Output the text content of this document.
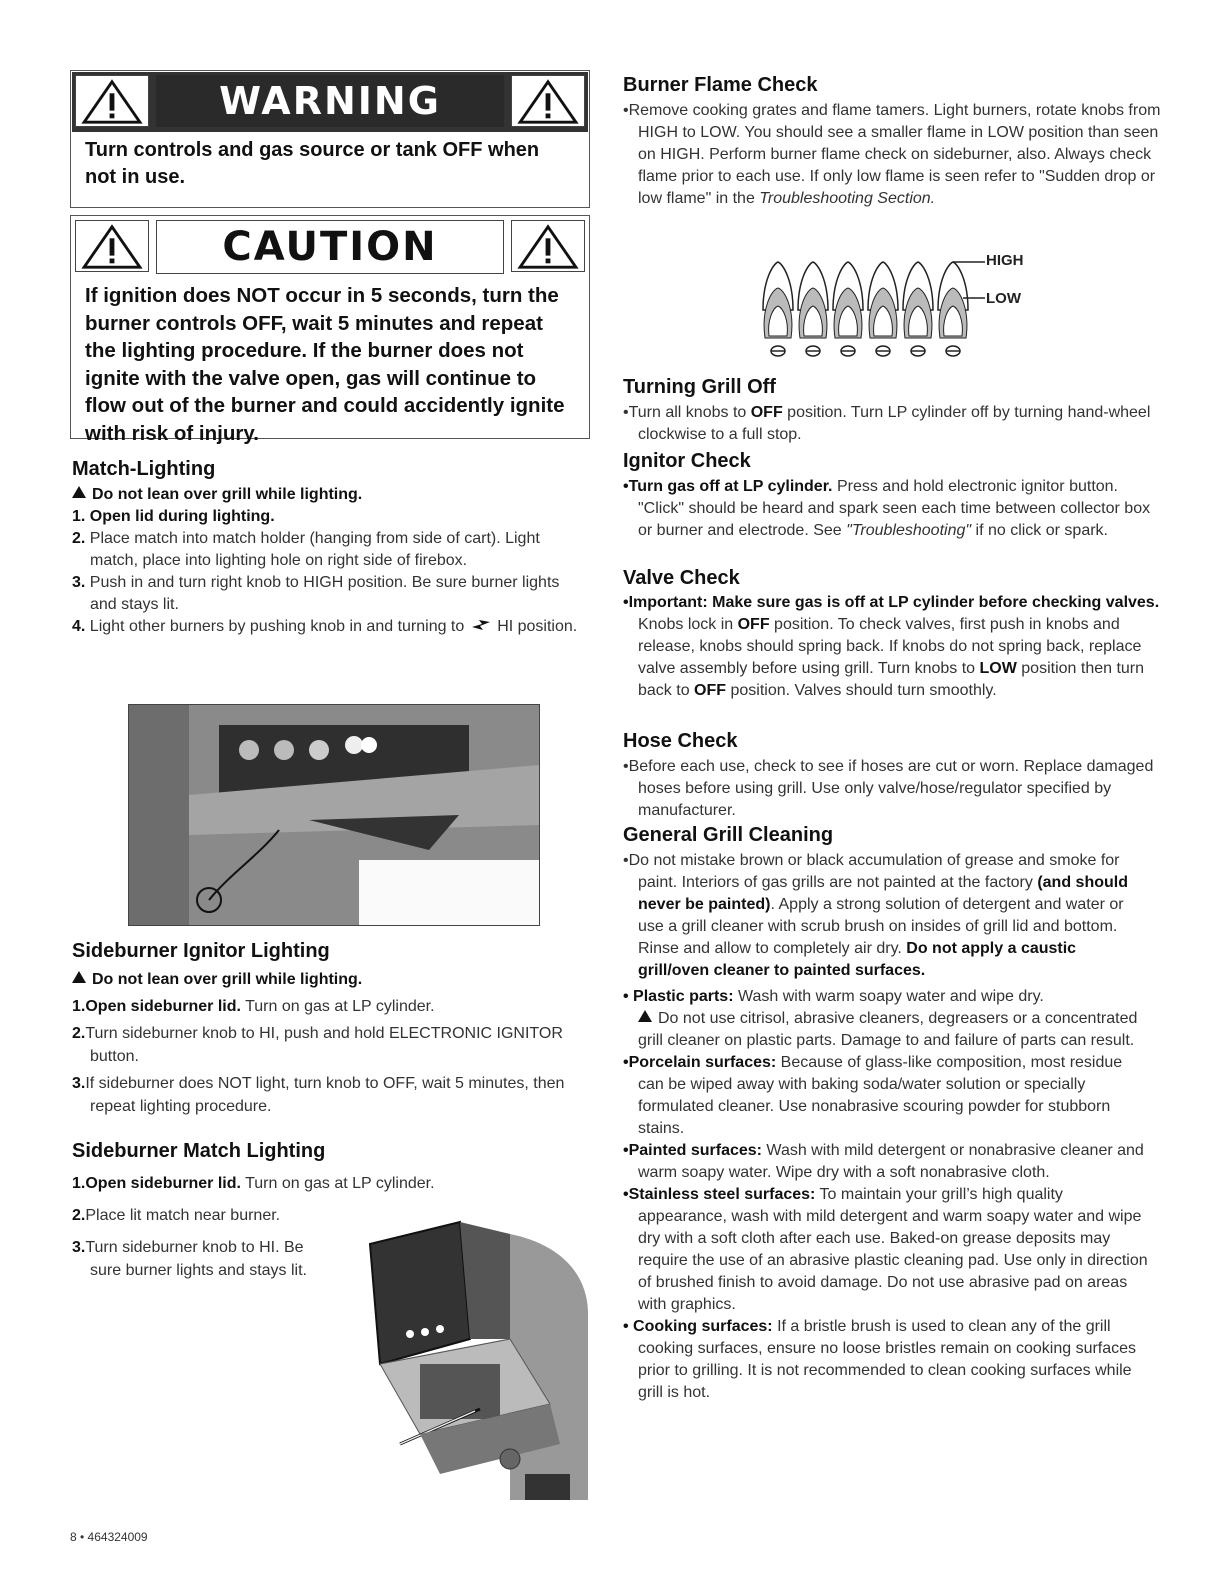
WARNING
Turn controls and gas source or tank OFF when not in use.
CAUTION
If ignition does NOT occur in 5 seconds, turn the burner controls OFF, wait 5 minutes and repeat the lighting procedure. If the burner does not ignite with the valve open, gas will continue to flow out of the burner and could accidently ignite with risk of injury.
Match-Lighting
Do not lean over grill while lighting.
1. Open lid during lighting.
2. Place match into match holder (hanging from side of cart). Light match, place into lighting hole on right side of firebox.
3. Push in and turn right knob to HIGH position. Be sure burner lights and stays lit.
4. Light other burners by pushing knob in and turning to HI position.
Sideburner Ignitor Lighting
Do not lean over grill while lighting.
1.Open sideburner lid. Turn on gas at LP cylinder.
2.Turn sideburner knob to HI, push and hold ELECTRONIC IGNITOR button.
3.If sideburner does NOT light, turn knob to OFF, wait 5 minutes, then repeat lighting procedure.
Sideburner Match Lighting
1.Open sideburner lid. Turn on gas at LP cylinder.
2.Place lit match near burner.
3.Turn sideburner knob to HI. Be sure burner lights and stays lit.
Burner Flame Check
•Remove cooking grates and flame tamers. Light burners, rotate knobs from HIGH to LOW. You should see a smaller flame in LOW position than seen on HIGH. Perform burner flame check on sideburner, also. Always check flame prior to each use. If only low flame is seen refer to "Sudden drop or low flame" in the Troubleshooting Section.
HIGH
LOW
Turning Grill Off
•Turn all knobs to OFF position. Turn LP cylinder off by turning hand-wheel clockwise to a full stop.
Ignitor Check
•Turn gas off at LP cylinder. Press and hold electronic ignitor button. "Click" should be heard and spark seen each time between collector box or burner and electrode. See "Troubleshooting" if no click or spark.
Valve Check
•Important: Make sure gas is off at LP cylinder before checking valves. Knobs lock in OFF position. To check valves, first push in knobs and release, knobs should spring back. If knobs do not spring back, replace valve assembly before using grill. Turn knobs to LOW position then turn back to OFF position. Valves should turn smoothly.
Hose Check
•Before each use, check to see if hoses are cut or worn. Replace damaged hoses before using grill. Use only valve/hose/regulator specified by manufacturer.
General Grill Cleaning
•Do not mistake brown or black accumulation of grease and smoke for paint. Interiors of gas grills are not painted at the factory (and should never be painted). Apply a strong solution of detergent and water or use a grill cleaner with scrub brush on insides of grill lid and bottom. Rinse and allow to completely air dry. Do not apply a caustic grill/oven cleaner to painted surfaces.
• Plastic parts: Wash with warm soapy water and wipe dry.
Do not use citrisol, abrasive cleaners, degreasers or a concentrated grill cleaner on plastic parts. Damage to and failure of parts can result.
•Porcelain surfaces: Because of glass-like composition, most residue can be wiped away with baking soda/water solution or specially formulated cleaner. Use nonabrasive scouring powder for stubborn stains.
•Painted surfaces: Wash with mild detergent or nonabrasive cleaner and warm soapy water. Wipe dry with a soft nonabrasive cloth.
•Stainless steel surfaces: To maintain your grill’s high quality appearance, wash with mild detergent and warm soapy water and wipe dry with a soft cloth after each use. Baked-on grease deposits may require the use of an abrasive plastic cleaning pad. Use only in direction of brushed finish to avoid damage. Do not use abrasive pad on areas with graphics.
• Cooking surfaces: If a bristle brush is used to clean any of the grill cooking surfaces, ensure no loose bristles remain on cooking surfaces prior to grilling. It is not recommended to clean cooking surfaces while grill is hot.
8 • 464324009
